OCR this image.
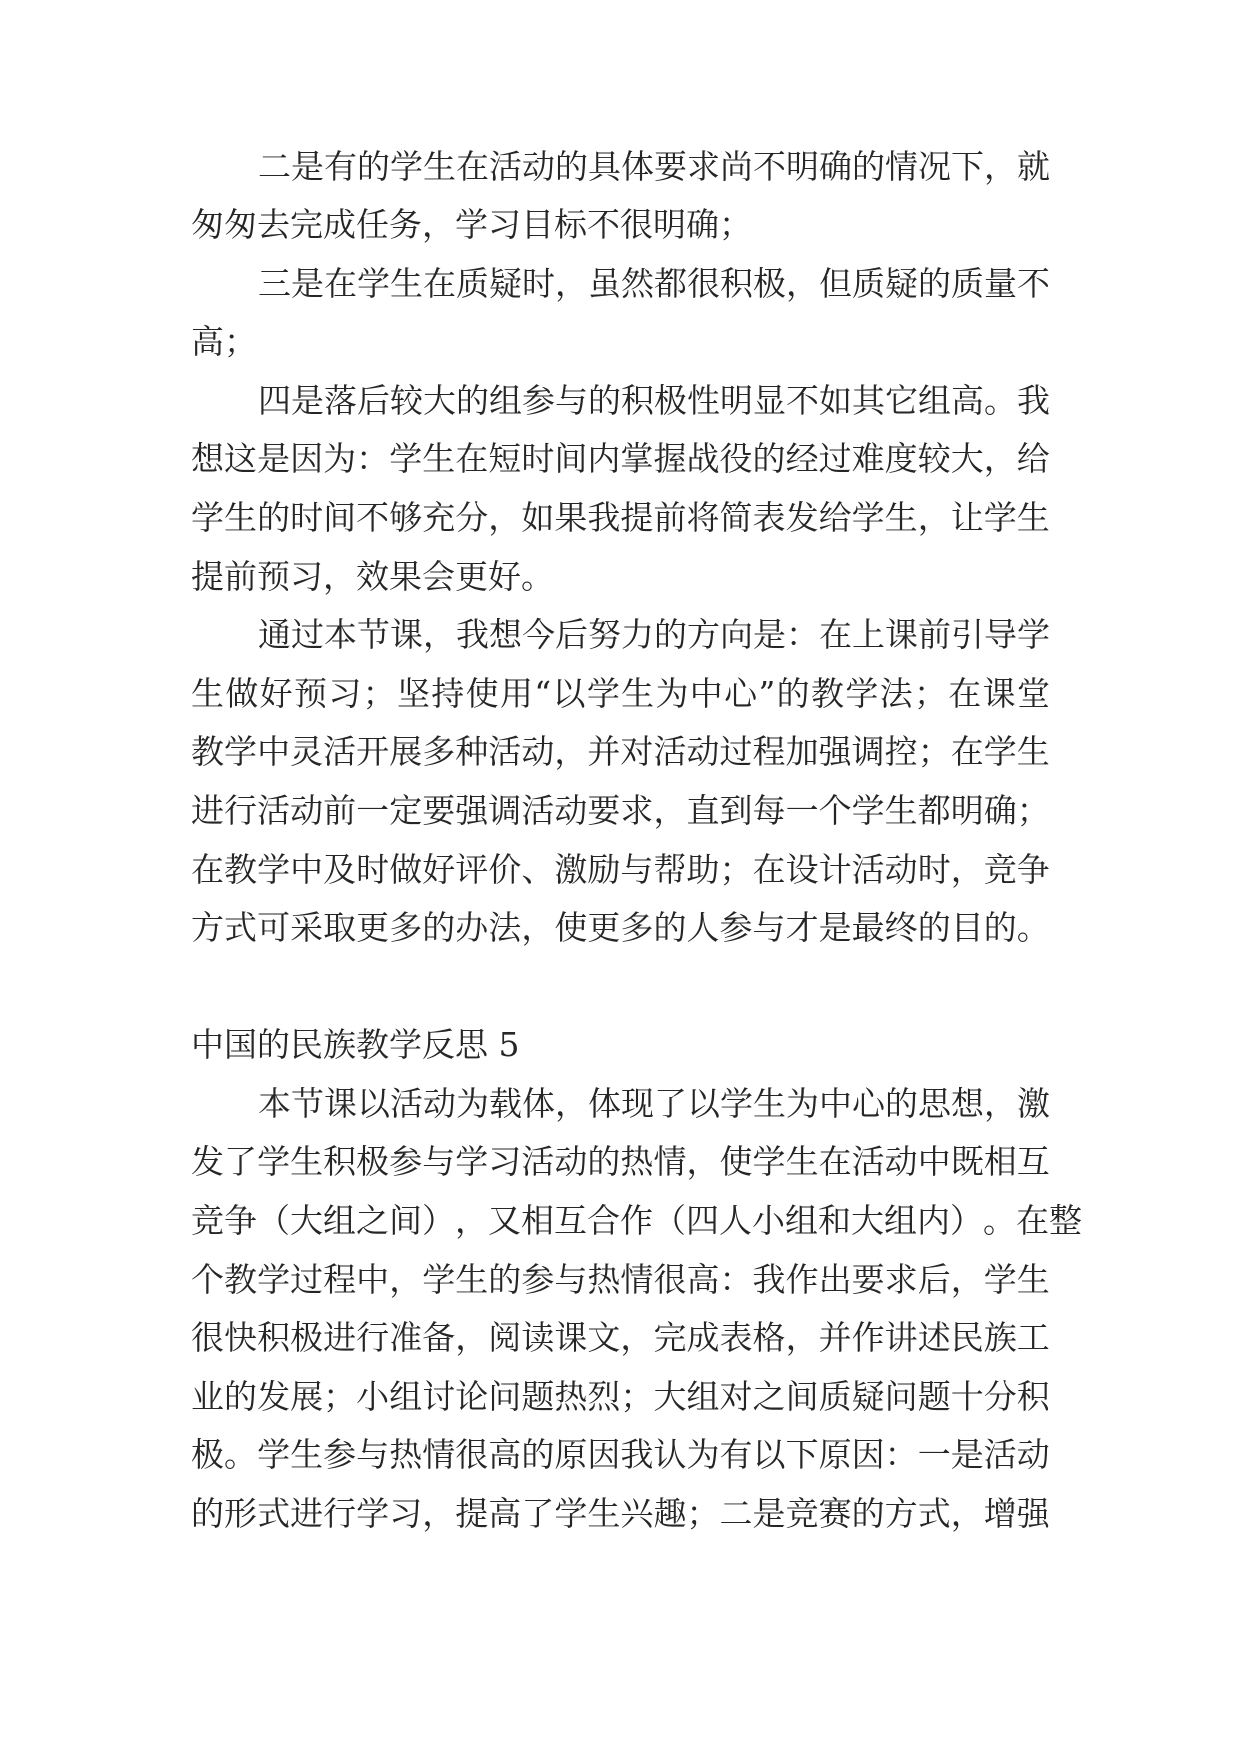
二 是 有 的 学 生 在 活 动 的 具 体 要 求 尚 不 明 确 的 情 况 下 ， 就

匆匆去完成任务，学习目标不很明确；

三 是 在 学 生 在 质 疑 时 ， 虽 然 都 很 积 极 ， 但 质 疑 的 质 量 不

高；

四 是 落 后 较 大 的 组 参 与 的 积 极 性 明 显 不 如 其 它 组 高 。 我

想 这 是 因 为 ： 学 生 在 短 时 间 内 掌 握 战 役 的 经 过 难 度 较 大 ， 给

学 生 的 时 间 不 够 充 分 ， 如 果 我 提 前 将 简 表 发 给 学 生 ， 让 学 生

提前预习，效果会更好。

通 过 本 节 课 ， 我 想 今 后 努 力 的 方 向 是 ： 在 上 课 前 引 导 学

生 做 好 预 习 ； 坚 持 使 用 “ 以 学 生 为 中 心 ” 的 教 学 法 ； 在 课 堂

教 学 中 灵 活 开 展 多 种 活 动 ， 并 对 活 动 过 程 加 强 调 控 ； 在 学 生

进 行 活 动 前 一 定 要 强 调 活 动 要 求 ， 直 到 每 一 个 学 生 都 明 确 ；

在 教 学 中 及 时 做 好 评 价 、 激 励 与 帮 助 ； 在 设 计 活 动 时 ， 竞 争

方 式 可 采 取 更 多 的 办 法 ， 使 更 多 的 人 参 与 才 是 最 终 的 目 的 。

中国的民族教学反思 5

本 节 课 以 活 动 为 载 体 ， 体 现 了 以 学 生 为 中 心 的 思 想 ， 激

发 了 学 生 积 极 参 与 学 习 活 动 的 热 情 ， 使 学 生 在 活 动 中 既 相 互

竞 争 （ 大 组 之 间 ） ， 又 相 互 合 作 （ 四 人 小 组 和 大 组 内 ） 。 在 整

个 教 学 过 程 中 ， 学 生 的 参 与 热 情 很 高 ： 我 作 出 要 求 后 ， 学 生

很 快 积 极 进 行 准 备 ， 阅 读 课 文 ， 完 成 表 格 ， 并 作 讲 述 民 族 工

业 的 发 展 ； 小 组 讨 论 问 题 热 烈 ； 大 组 对 之 间 质 疑 问 题 十 分 积

极 。 学 生 参 与 热 情 很 高 的 原 因 我 认 为 有 以 下 原 因 ： 一 是 活 动

的 形 式 进 行 学 习 ， 提 高 了 学 生 兴 趣 ； 二 是 竞 赛 的 方 式 ， 增 强
